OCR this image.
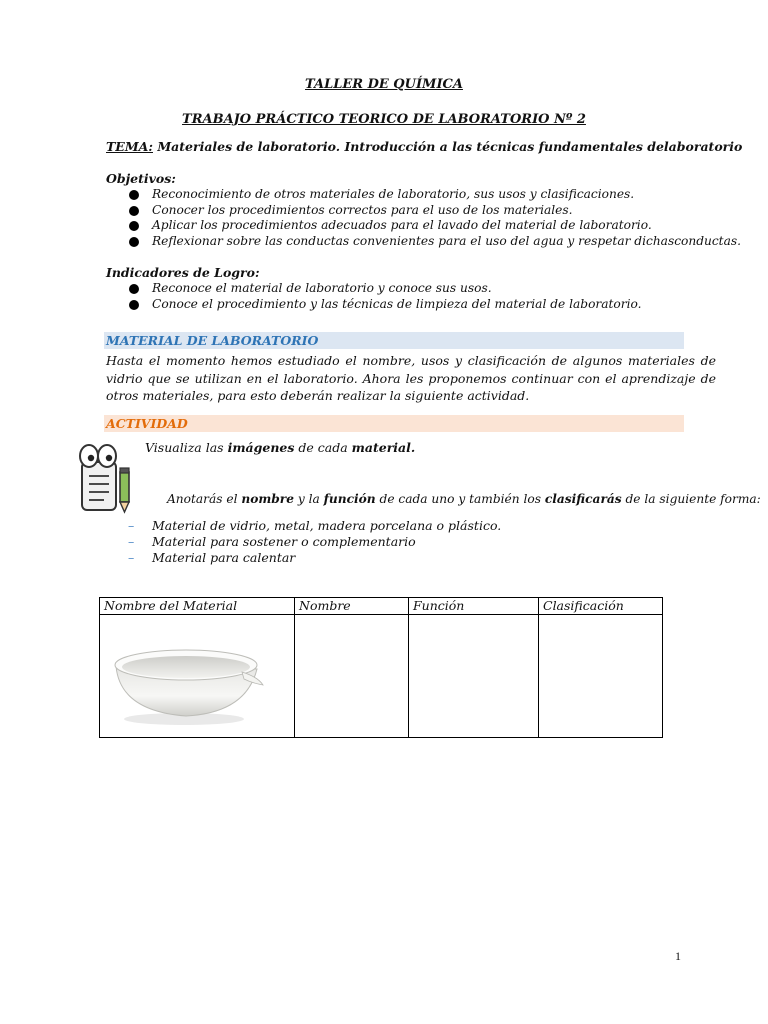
TALLER DE QUÍMICA
TRABAJO PRÁCTICO TEORICO DE LABORATORIO Nº 2
TEMA: Materiales de laboratorio. Introducción a las técnicas fundamentales delaboratorio
Objetivos:
Reconocimiento de otros materiales de laboratorio, sus usos y clasificaciones.
Conocer los procedimientos correctos para el uso de los materiales.
Aplicar los procedimientos adecuados para el lavado del material de laboratorio.
Reflexionar sobre las conductas convenientes para el uso del agua y respetar dichasconductas.
Indicadores de Logro:
Reconoce el material de laboratorio y conoce sus usos.
Conoce el procedimiento y las técnicas de limpieza del material de laboratorio.
MATERIAL DE LABORATORIO
Hasta el momento hemos estudiado el nombre, usos y clasificación de algunos materiales de vidrio que se utilizan en el laboratorio. Ahora les proponemos continuar con el aprendizaje de otros materiales, para esto deberán realizar la siguiente actividad.
ACTIVIDAD
Visualiza las imágenes de cada material.
Anotarás el nombre y la función de cada uno y también los clasificarás de la siguiente forma:
– Material de vidrio, metal, madera porcelana o plástico.
– Material para sostener o complementario
– Material para calentar
Nombre del Material	Nombre	Función	Clasificación

1
